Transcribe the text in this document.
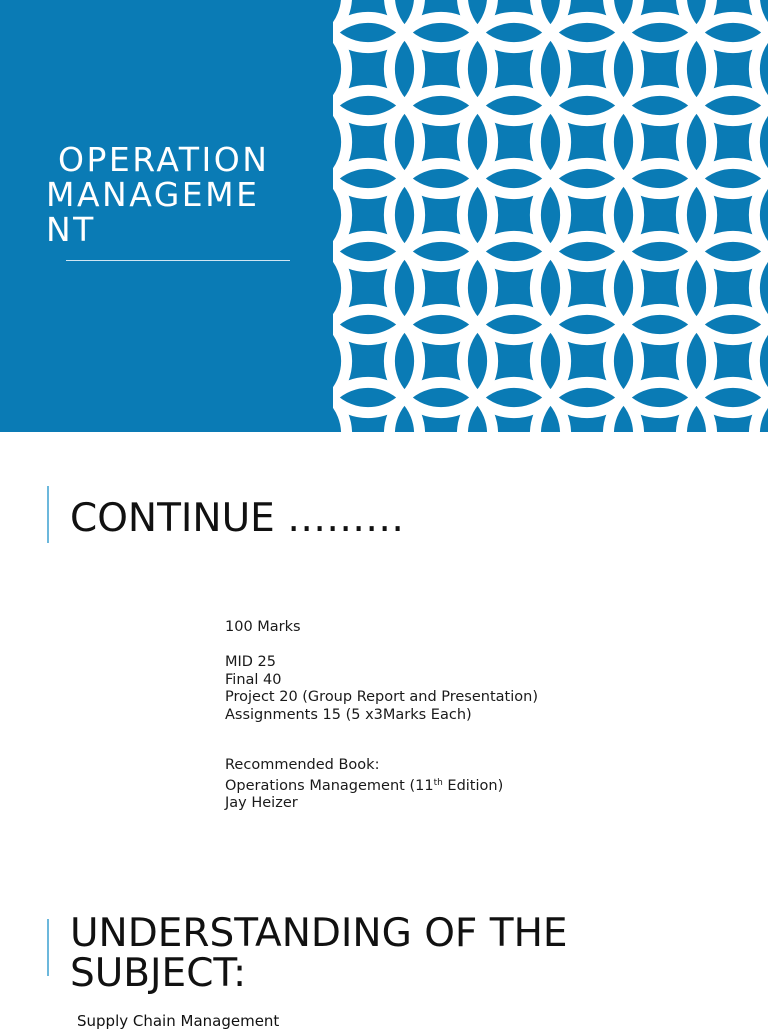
OPERATION MANAGEMENT
CONTINUE ………
100 Marks
MID 25
Final 40
Project 20 (Group Report and Presentation)
Assignments 15 (5 x3Marks Each)
Recommended Book:
Operations Management (11th Edition)
Jay Heizer
UNDERSTANDING OF THE
SUBJECT:
Supply Chain Management
